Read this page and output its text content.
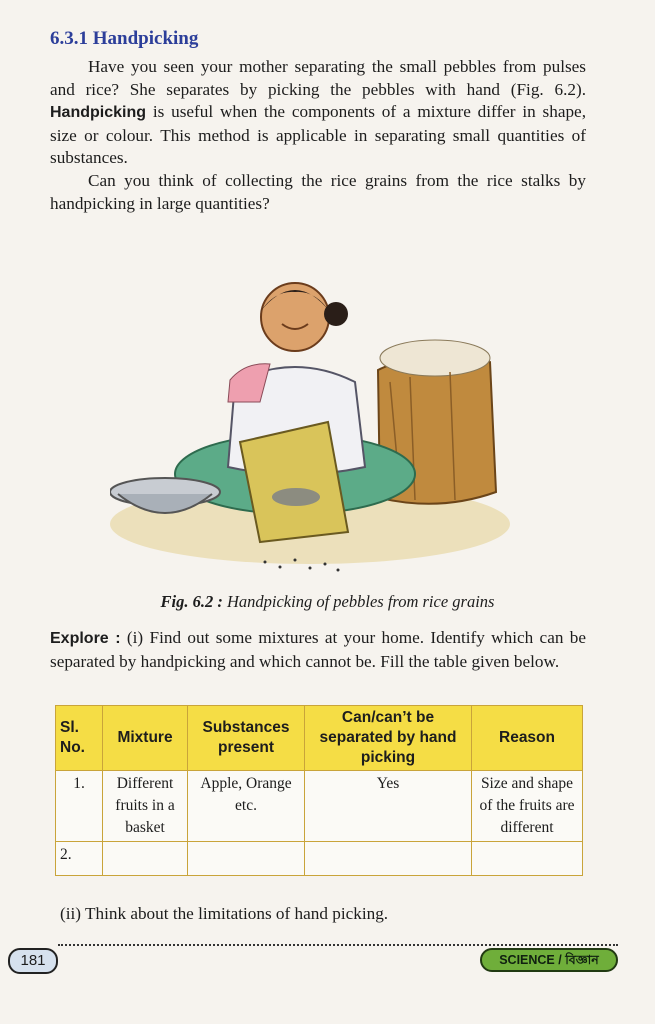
6.3.1 Handpicking

Have you seen your mother separating the small pebbles from pulses and rice? She separates by picking the pebbles with hand (Fig. 6.2). Handpicking is useful when the components of a mixture differ in shape, size or colour. This method is applicable in separating small quantities of substances.

Can you think of collecting the rice grains from the rice stalks by handpicking in large quantities?

Fig. 6.2 : Handpicking of pebbles from rice grains

Explore : (i) Find out some mixtures at your home. Identify which can be separated by handpicking and which cannot be. Fill the table given below.

Sl. No.	Mixture	Substances present	Can/can’t be separated by hand picking	Reason
1.	Different fruits in a basket	Apple, Orange etc.	Yes	Size and shape of the fruits are different
2.				

(ii) Think about the limitations of hand picking.

181	SCIENCE / বিজ্ঞান
